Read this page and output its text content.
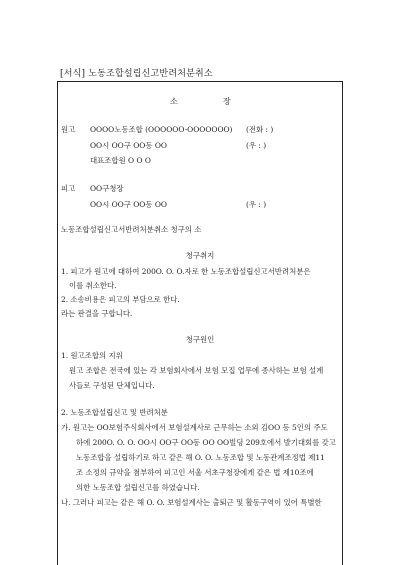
[서식] 노동조합설립신고반려처분취소
소	장
원고 OOOO노동조합 (OOOOOO-OOOOOOO) (전화 : )
OO시 OO구 OO동 OO	(우 : )
대표조합원 O O O
피고 OO구청장
OO시 OO구 OO동 OO	(우 : )
노동조합설립신고서반려처분취소 청구의 소
청구취지
1. 피고가 원고에 대하여 200O. O. O.자로 한 노동조합설립신고서반려처분은
이를 취소한다.
2. 소송비용은 피고의 부담으로 한다.
라는 판결을 구합니다.
청구원인
1. 원고조합의 지위
원고 조합은 전국에 있는 각 보험회사에서 보험 모집 업무에 종사하는 보험 설계
사들로 구성된 단체입니다.
2. 노동조합설립신고 및 반려처분
가. 원고는 OO보험주식회사에서 보험설계사로 근무하는 소외 김OO 등 5인의 주도
하에 200O. O. O. OO시 OO구 OO동 OO OO빌딩 209호에서 발기대회를 갖고
노동조합을 설립하기로 하고 같은 해 O. O. 노동조합 및 노동관계조정법 제11
조 소정의 규약을 첨부하여 피고인 서울 서초구청장에게 같은 법 제10조에
의한 노동조합 설립신고를 하였습니다.
나. 그러나 피고는 같은 해 O. O. 보험설계사는 출퇴근 및 활동구역이 있어 특별한
